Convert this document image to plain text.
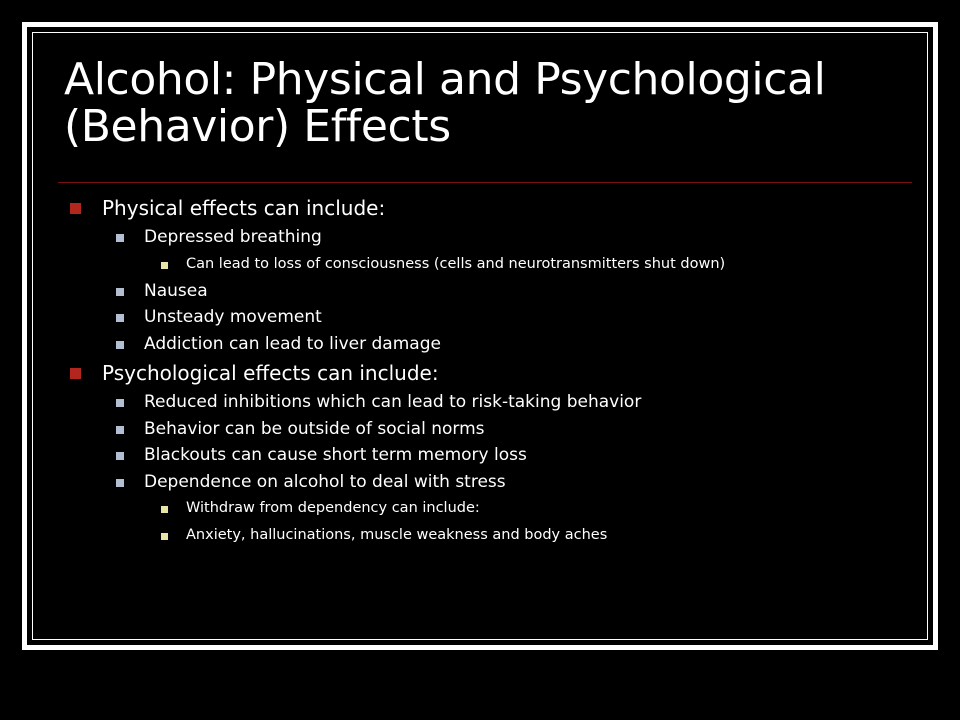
Alcohol: Physical and Psychological (Behavior) Effects
Physical effects can include:
Depressed breathing
Can lead to loss of consciousness (cells and neurotransmitters shut down)
Nausea
Unsteady movement
Addiction can lead to liver damage
Psychological effects can include:
Reduced inhibitions which can lead to risk-taking behavior
Behavior can be outside of social norms
Blackouts can cause short term memory loss
Dependence on alcohol to deal with stress
Withdraw from dependency can include:
Anxiety, hallucinations, muscle weakness and body aches
